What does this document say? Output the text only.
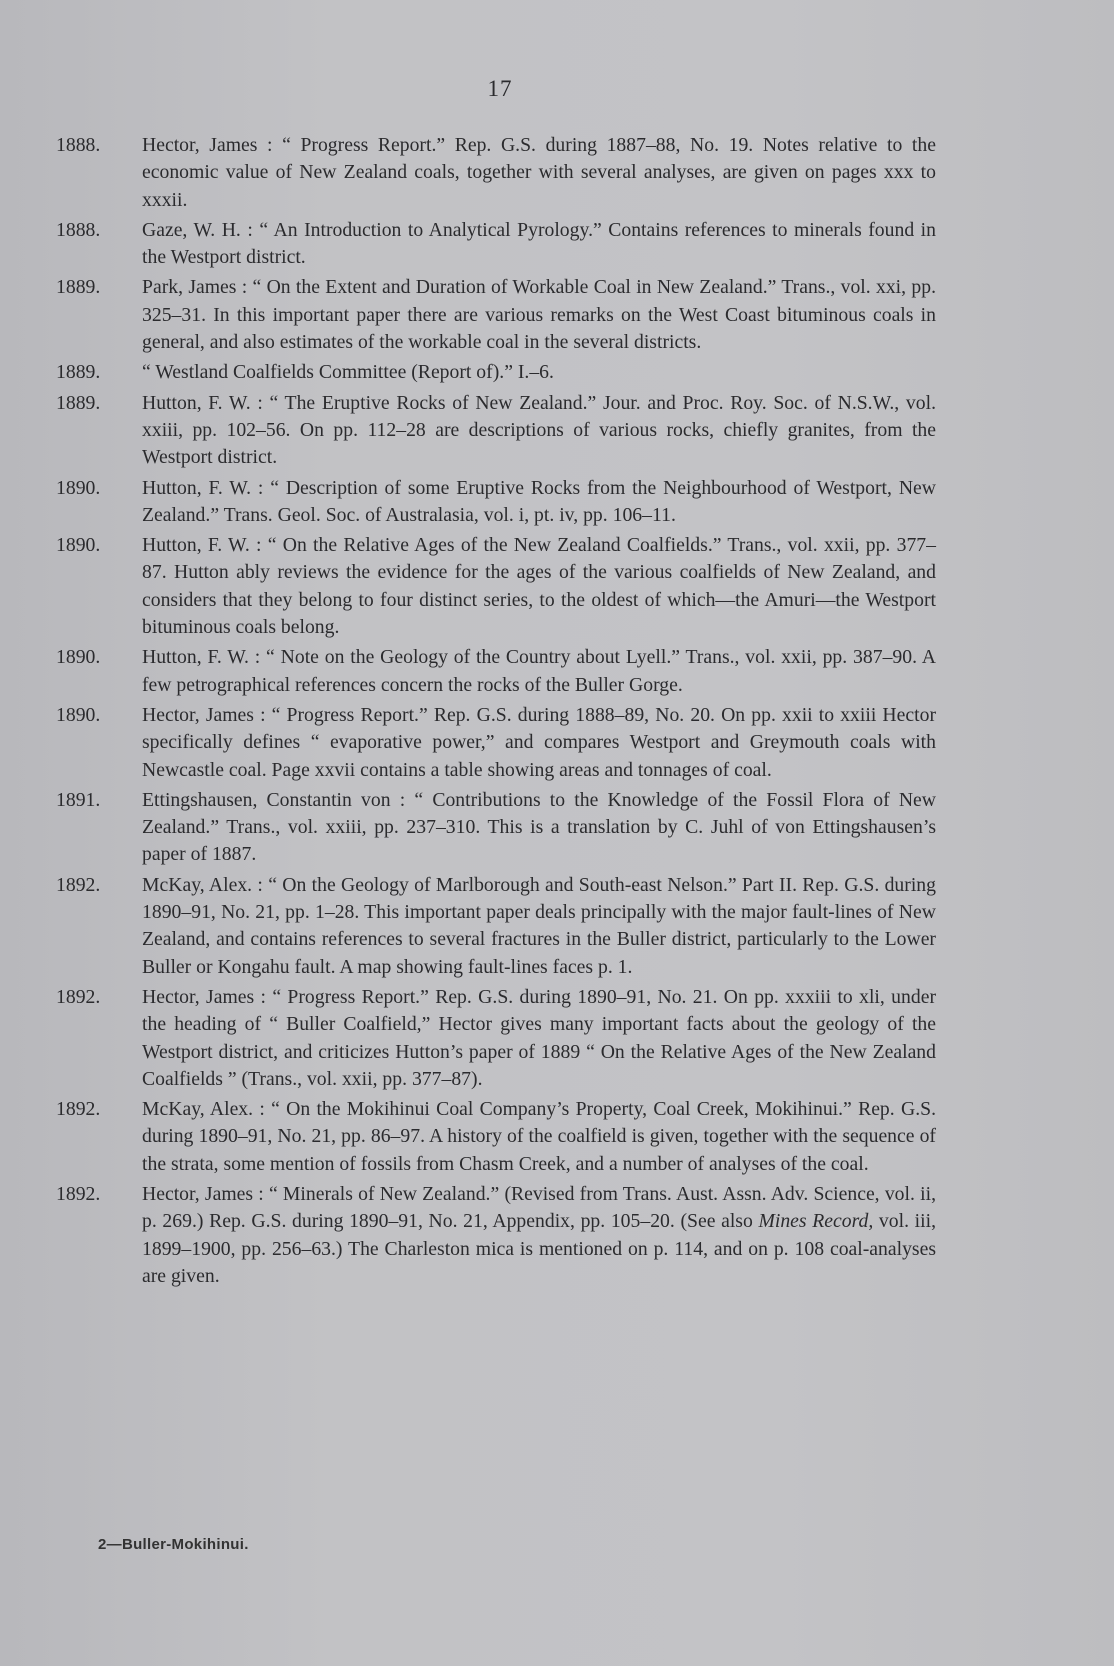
17
1888.	Hector, James : “ Progress Report.” Rep. G.S. during 1887–88, No. 19. Notes relative to the economic value of New Zealand coals, together with several analyses, are given on pages xxx to xxxii.
1888.	Gaze, W. H. : “ An Introduction to Analytical Pyrology.” Contains references to minerals found in the Westport district.
1889.	Park, James : “ On the Extent and Duration of Workable Coal in New Zealand.” Trans., vol. xxi, pp. 325–31. In this important paper there are various remarks on the West Coast bituminous coals in general, and also estimates of the workable coal in the several districts.
1889.	“ Westland Coalfields Committee (Report of).” I.–6.
1889.	Hutton, F. W. : “ The Eruptive Rocks of New Zealand.” Jour. and Proc. Roy. Soc. of N.S.W., vol. xxiii, pp. 102–56. On pp. 112–28 are descriptions of various rocks, chiefly granites, from the Westport district.
1890.	Hutton, F. W. : “ Description of some Eruptive Rocks from the Neighbourhood of Westport, New Zealand.” Trans. Geol. Soc. of Australasia, vol. i, pt. iv, pp. 106–11.
1890.	Hutton, F. W. : “ On the Relative Ages of the New Zealand Coalfields.” Trans., vol. xxii, pp. 377–87. Hutton ably reviews the evidence for the ages of the various coalfields of New Zealand, and considers that they belong to four distinct series, to the oldest of which—the Amuri—the Westport bituminous coals belong.
1890.	Hutton, F. W. : “ Note on the Geology of the Country about Lyell.” Trans., vol. xxii, pp. 387–90. A few petrographical references concern the rocks of the Buller Gorge.
1890.	Hector, James : “ Progress Report.” Rep. G.S. during 1888–89, No. 20. On pp. xxii to xxiii Hector specifically defines “ evaporative power,” and compares Westport and Greymouth coals with Newcastle coal. Page xxvii contains a table showing areas and tonnages of coal.
1891.	Ettingshausen, Constantin von : “ Contributions to the Knowledge of the Fossil Flora of New Zealand.” Trans., vol. xxiii, pp. 237–310. This is a translation by C. Juhl of von Ettingshausen’s paper of 1887.
1892.	McKay, Alex. : “ On the Geology of Marlborough and South-east Nelson.” Part II. Rep. G.S. during 1890–91, No. 21, pp. 1–28. This important paper deals principally with the major fault-lines of New Zealand, and contains references to several fractures in the Buller district, particularly to the Lower Buller or Kongahu fault. A map showing fault-lines faces p. 1.
1892.	Hector, James : “ Progress Report.” Rep. G.S. during 1890–91, No. 21. On pp. xxxiii to xli, under the heading of “ Buller Coalfield,” Hector gives many important facts about the geology of the Westport district, and criticizes Hutton’s paper of 1889 “ On the Relative Ages of the New Zealand Coalfields ” (Trans., vol. xxii, pp. 377–87).
1892.	McKay, Alex. : “ On the Mokihinui Coal Company’s Property, Coal Creek, Mokihinui.” Rep. G.S. during 1890–91, No. 21, pp. 86–97. A history of the coalfield is given, together with the sequence of the strata, some mention of fossils from Chasm Creek, and a number of analyses of the coal.
1892.	Hector, James : “ Minerals of New Zealand.” (Revised from Trans. Aust. Assn. Adv. Science, vol. ii, p. 269.) Rep. G.S. during 1890–91, No. 21, Appendix, pp. 105–20. (See also Mines Record, vol. iii, 1899–1900, pp. 256–63.) The Charleston mica is mentioned on p. 114, and on p. 108 coal-analyses are given.
2—Buller-Mokihinui.
